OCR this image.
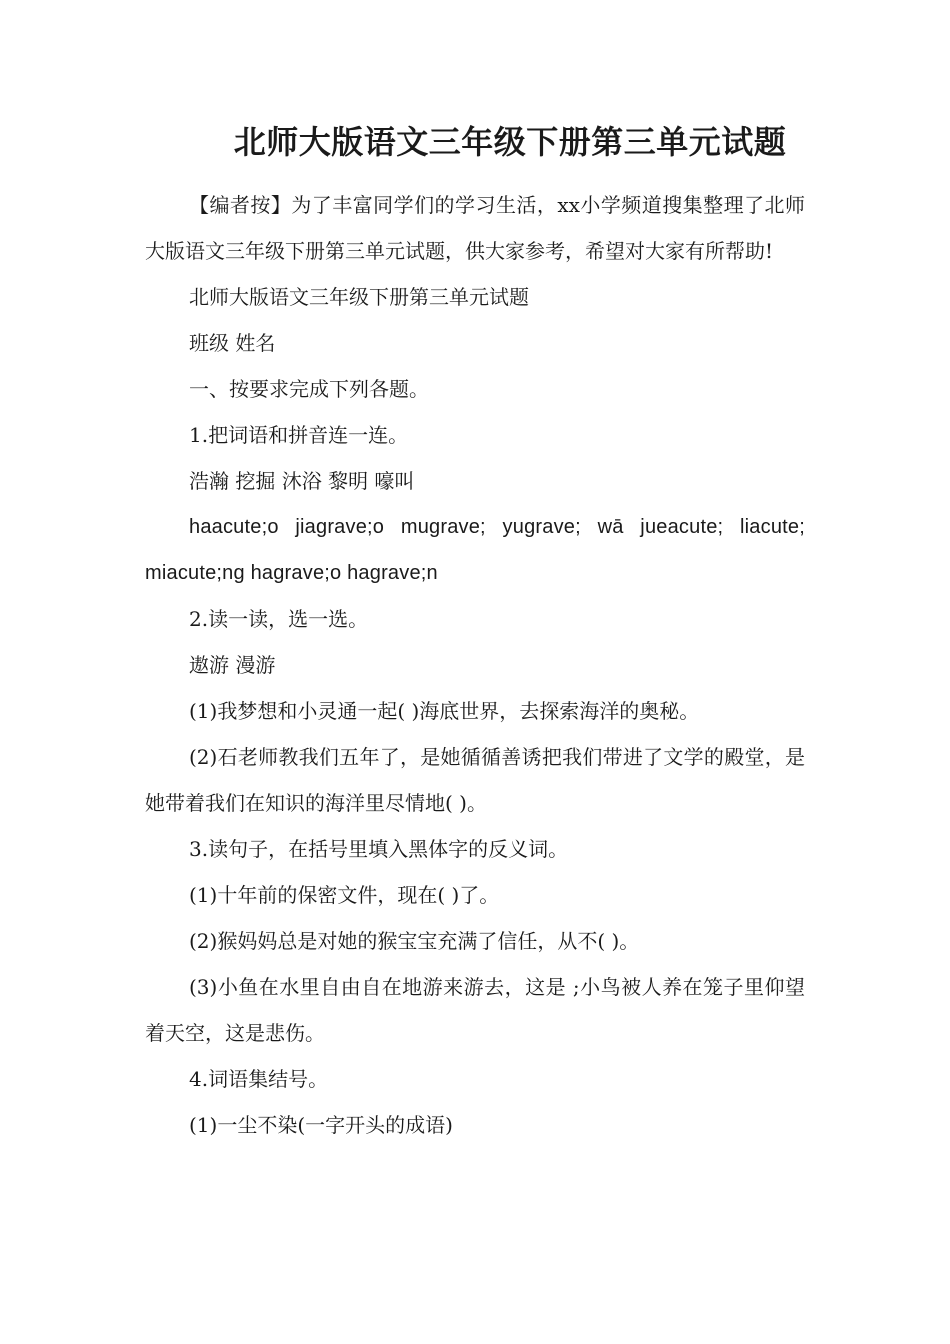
北师大版语文三年级下册第三单元试题

【编者按】为了丰富同学们的学习生活，xx小学频道搜集整理了北师大版语文三年级下册第三单元试题，供大家参考，希望对大家有所帮助!

北师大版语文三年级下册第三单元试题

班级 姓名

一、按要求完成下列各题。

1.把词语和拼音连一连。

浩瀚 挖掘 沐浴 黎明 嚎叫

haacute;o jiagrave;o mugrave; yugrave; wā jueacute; liacute; miacute;ng hagrave;o hagrave;n

2.读一读，选一选。

遨游 漫游

(1)我梦想和小灵通一起( )海底世界，去探索海洋的奥秘。

(2)石老师教我们五年了，是她循循善诱把我们带进了文学的殿堂，是她带着我们在知识的海洋里尽情地( )。

3.读句子，在括号里填入黑体字的反义词。

(1)十年前的保密文件，现在( )了。

(2)猴妈妈总是对她的猴宝宝充满了信任，从不( )。

(3)小鱼在水里自由自在地游来游去，这是 ;小鸟被人养在笼子里仰望着天空，这是悲伤。

4.词语集结号。

(1)一尘不染(一字开头的成语)
